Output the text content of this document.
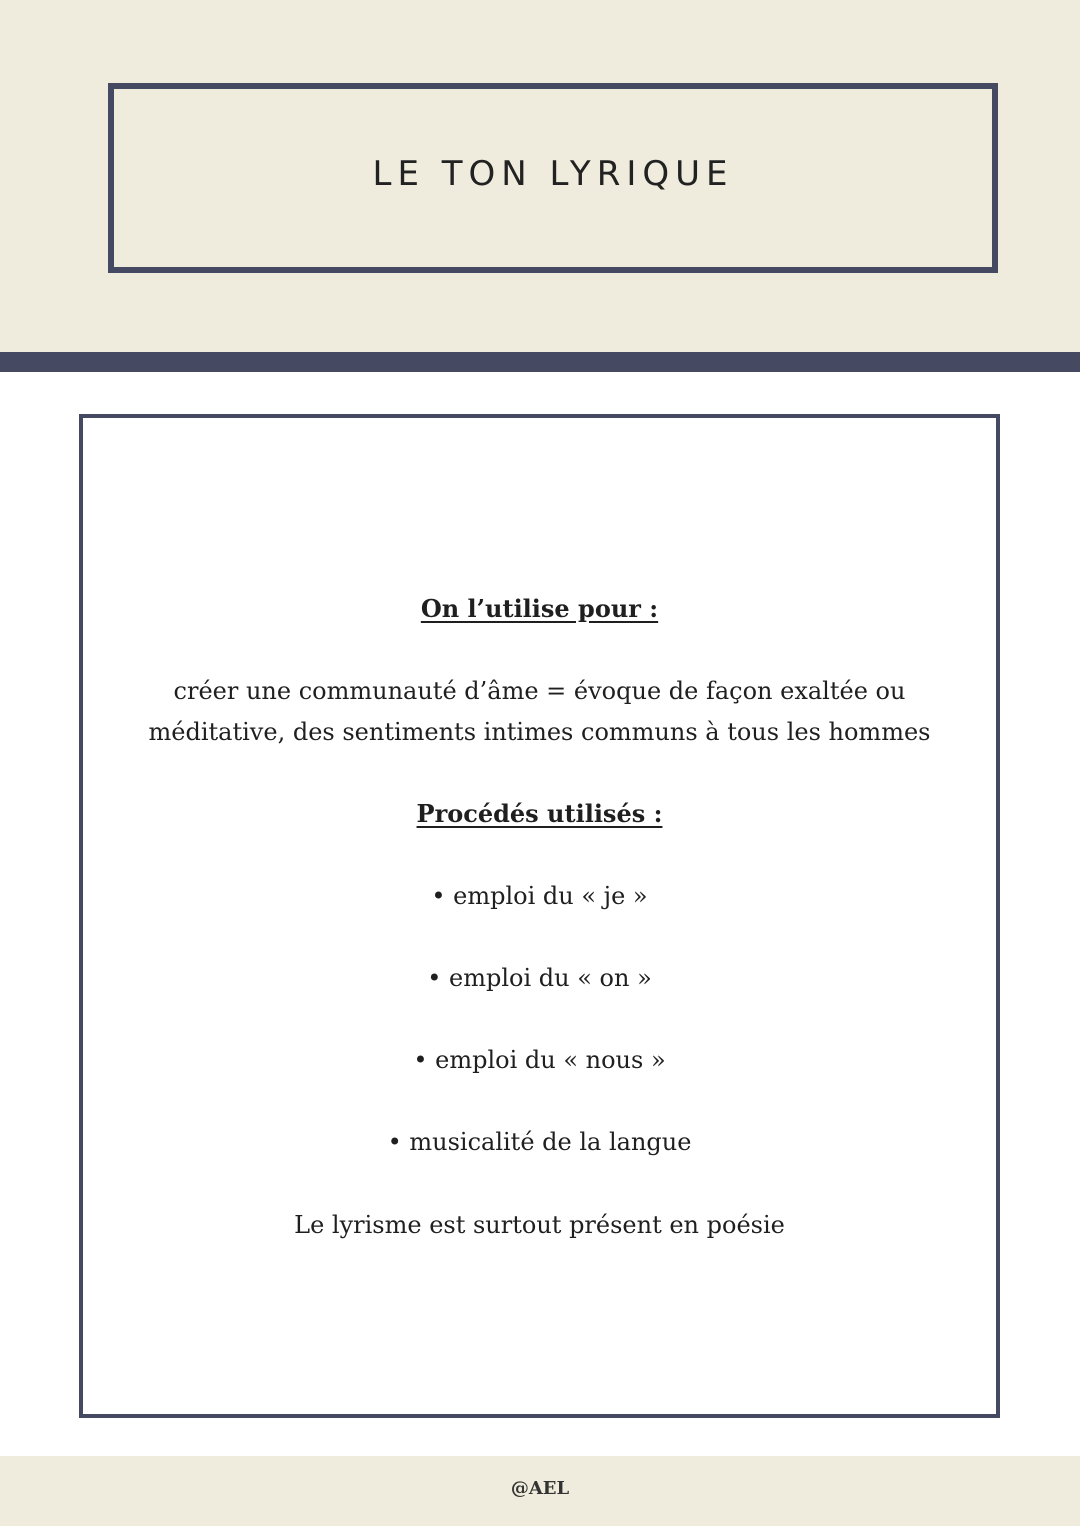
LE TON LYRIQUE
On l’utilise pour :
créer une communauté d’âme = évoque de façon exaltée ou
méditative, des sentiments intimes communs à tous les hommes
Procédés utilisés :
• emploi du « je »
• emploi du « on »
• emploi du « nous »
• musicalité de la langue
Le lyrisme est surtout présent en poésie
@AEL
